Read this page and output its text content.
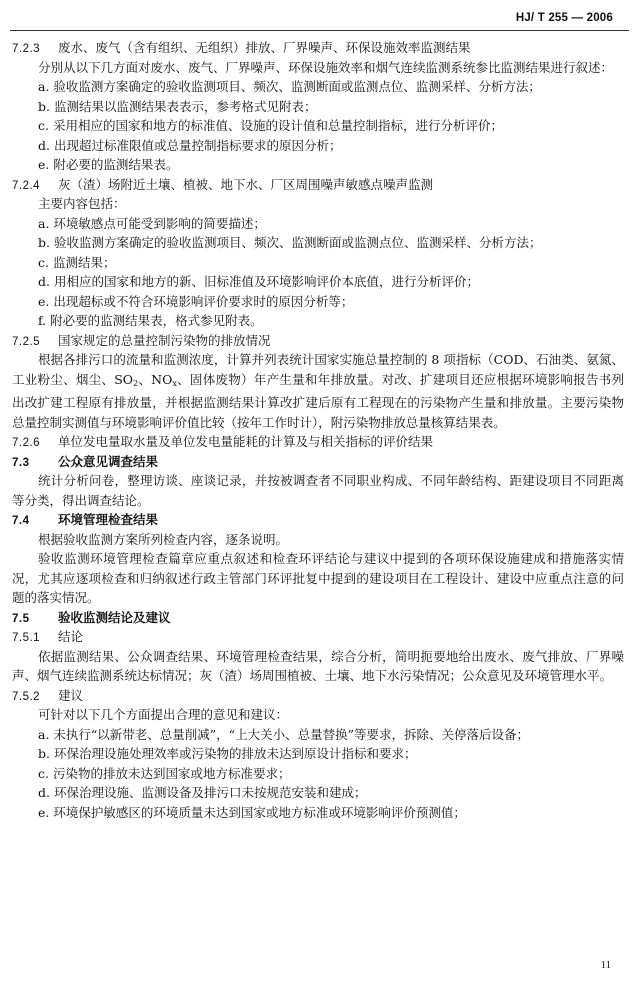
HJ/ T 255 — 2006
7.2.3 废水、废气（含有组织、无组织）排放、厂界噪声、环保设施效率监测结果
分别从以下几方面对废水、废气、厂界噪声、环保设施效率和烟气连续监测系统参比监测结果进行叙述：
a. 验收监测方案确定的验收监测项目、频次、监测断面或监测点位、监测采样、分析方法；
b. 监测结果以监测结果表表示，参考格式见附表；
c. 采用相应的国家和地方的标准值、设施的设计值和总量控制指标，进行分析评价；
d. 出现超过标准限值或总量控制指标要求的原因分析；
e. 附必要的监测结果表。
7.2.4 灰（渣）场附近土壤、植被、地下水、厂区周围噪声敏感点噪声监测
主要内容包括：
a. 环境敏感点可能受到影响的简要描述；
b. 验收监测方案确定的验收监测项目、频次、监测断面或监测点位、监测采样、分析方法；
c. 监测结果；
d. 用相应的国家和地方的新、旧标准值及环境影响评价本底值，进行分析评价；
e. 出现超标或不符合环境影响评价要求时的原因分析等；
f. 附必要的监测结果表，格式参见附表。
7.2.5 国家规定的总量控制污染物的排放情况
根据各排污口的流量和监测浓度，计算并列表统计国家实施总量控制的 8 项指标（COD、石油类、氨氮、工业粉尘、烟尘、$SO_2$、$NO_x$、固体废物）年产生量和年排放量。对改、扩建项目还应根据环境影响报告书列出改扩建工程原有排放量，并根据监测结果计算改扩建后原有工程现在的污染物产生量和排放量。主要污染物总量控制实测值与环境影响评价值比较（按年工作时计），附污染物排放总量核算结果表。
7.2.6 单位发电量取水量及单位发电量能耗的计算及与相关指标的评价结果
7.3 公众意见调查结果
统计分析问卷，整理访谈、座谈记录，并按被调查者不同职业构成、不同年龄结构、距建设项目不同距离等分类，得出调查结论。
7.4 环境管理检查结果
根据验收监测方案所列检查内容，逐条说明。
验收监测环境管理检查篇章应重点叙述和检查环评结论与建议中提到的各项环保设施建成和措施落实情况，尤其应逐项检查和归纳叙述行政主管部门环评批复中提到的建设项目在工程设计、建设中应重点注意的问题的落实情况。
7.5 验收监测结论及建议
7.5.1 结论
依据监测结果、公众调查结果、环境管理检查结果，综合分析，简明扼要地给出废水、废气排放、厂界噪声、烟气连续监测系统达标情况；灰（渣）场周围植被、土壤、地下水污染情况；公众意见及环境管理水平。
7.5.2 建议
可针对以下几个方面提出合理的意见和建议：
a. 未执行“以新带老、总量削减”，“上大关小、总量替换”等要求，拆除、关停落后设备；
b. 环保治理设施处理效率或污染物的排放未达到原设计指标和要求；
c. 污染物的排放未达到国家或地方标准要求；
d. 环保治理设施、监测设备及排污口未按规范安装和建成；
e. 环境保护敏感区的环境质量未达到国家或地方标准或环境影响评价预测值；
11
